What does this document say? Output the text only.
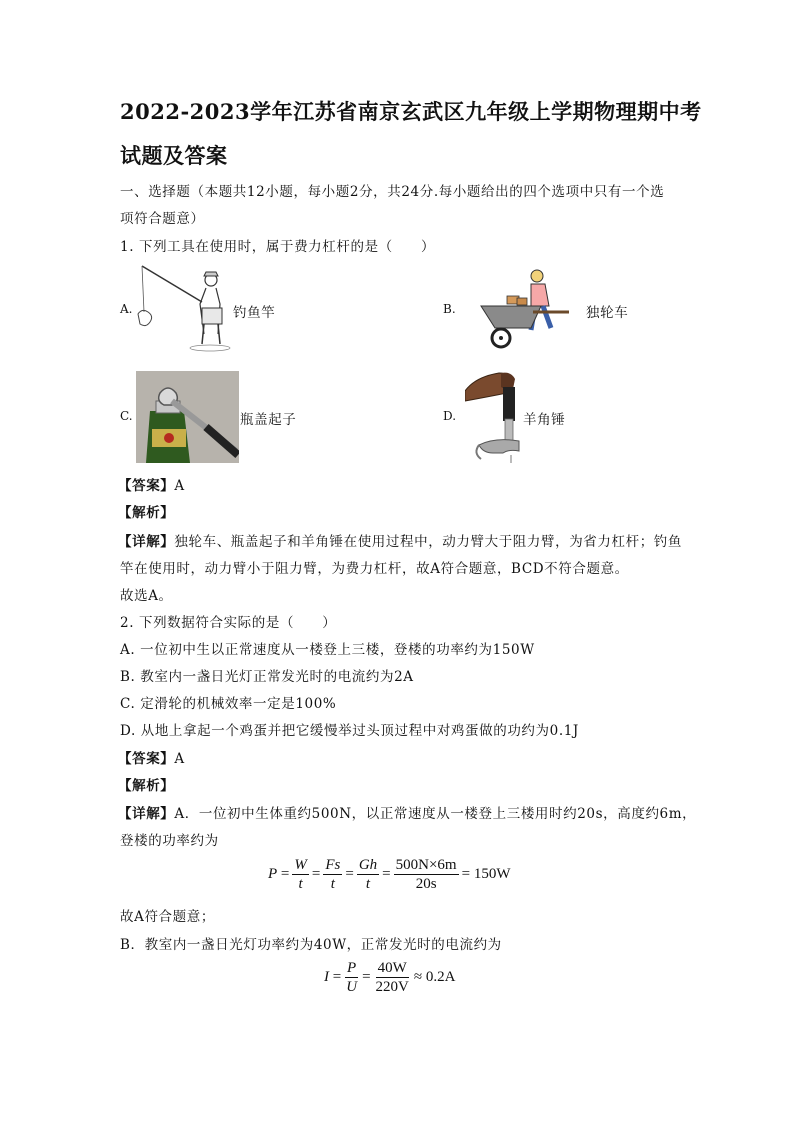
2022-2023学年江苏省南京玄武区九年级上学期物理期中考
试题及答案
一、选择题（本题共12小题，每小题2分，共24分.每小题给出的四个选项中只有一个选
项符合题意）
1. 下列工具在使用时，属于费力杠杆的是（　　）
A.	钓鱼竿	B.	独轮车
C.	瓶盖起子	D.	羊角锤
【答案】A
【解析】
【详解】独轮车、瓶盖起子和羊角锤在使用过程中，动力臂大于阻力臂，为省力杠杆；钓鱼
竿在使用时，动力臂小于阻力臂，为费力杠杆，故A符合题意，BCD不符合题意。
故选A。
2. 下列数据符合实际的是（　　）
A. 一位初中生以正常速度从一楼登上三楼，登楼的功率约为150W
B. 教室内一盏日光灯正常发光时的电流约为2A
C. 定滑轮的机械效率一定是100%
D. 从地上拿起一个鸡蛋并把它缓慢举过头顶过程中对鸡蛋做的功约为0.1J
【答案】A
【解析】
【详解】A．一位初中生体重约500N，以正常速度从一楼登上三楼用时约20s，高度约6m，
登楼的功率约为
$P = \frac{W}{t} = \frac{Fs}{t} = \frac{Gh}{t} = \frac{500N\times 6m}{20s} = 150W$
故A符合题意；
B．教室内一盏日光灯功率约为40W，正常发光时的电流约为
$I = \frac{P}{U} = \frac{40W}{220V}$ ≈
0.2A
